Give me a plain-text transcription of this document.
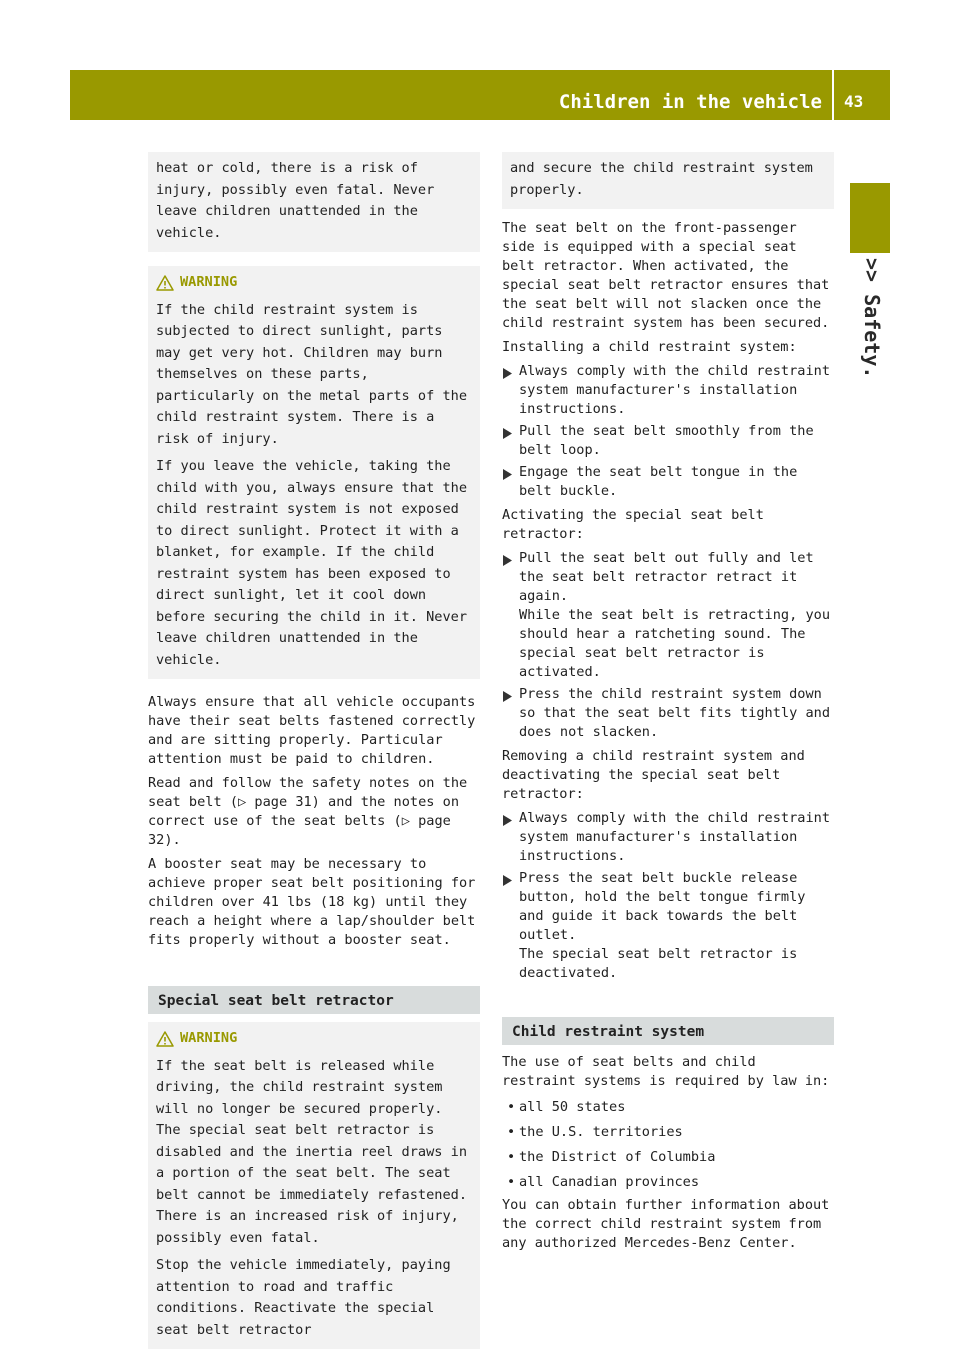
Children in the vehicle 43
>> Safety.

heat or cold, there is a risk of injury, possibly even fatal. Never leave children unattended in the vehicle.

WARNING

If the child restraint system is subjected to direct sunlight, parts may get very hot. Children may burn themselves on these parts, particularly on the metal parts of the child restraint system. There is a risk of injury.

If you leave the vehicle, taking the child with you, always ensure that the child restraint system is not exposed to direct sunlight. Protect it with a blanket, for example. If the child restraint system has been exposed to direct sunlight, let it cool down before securing the child in it. Never leave children unattended in the vehicle.

Always ensure that all vehicle occupants have their seat belts fastened correctly and are sitting properly. Particular attention must be paid to children.

Read and follow the safety notes on the seat belt (▷ page 31) and the notes on correct use of the seat belts (▷ page 32).

A booster seat may be necessary to achieve proper seat belt positioning for children over 41 lbs (18 kg) until they reach a height where a lap/shoulder belt fits properly without a booster seat.

Special seat belt retractor
WARNING

If the seat belt is released while driving, the child restraint system will no longer be secured properly. The special seat belt retractor is disabled and the inertia reel draws in a portion of the seat belt. The seat belt cannot be immediately refastened. There is an increased risk of injury, possibly even fatal.

Stop the vehicle immediately, paying attention to road and traffic conditions. Reactivate the special seat belt retractor

and secure the child restraint system properly.

The seat belt on the front-passenger side is equipped with a special seat belt retractor. When activated, the special seat belt retractor ensures that the seat belt will not slacken once the child restraint system has been secured.

Installing a child restraint system:

Always comply with the child restraint system manufacturer's installation instructions.
Pull the seat belt smoothly from the belt loop.
Engage the seat belt tongue in the belt buckle.

Activating the special seat belt retractor:

Pull the seat belt out fully and let the seat belt retractor retract it again.
While the seat belt is retracting, you should hear a ratcheting sound. The special seat belt retractor is activated.
Press the child restraint system down so that the seat belt fits tightly and does not slacken.

Removing a child restraint system and deactivating the special seat belt retractor:

Always comply with the child restraint system manufacturer's installation instructions.
Press the seat belt buckle release button, hold the belt tongue firmly and guide it back towards the belt outlet.
The special seat belt retractor is deactivated.
Child restraint system

The use of seat belts and child restraint systems is required by law in:

• all 50 states
• the U.S. territories
• the District of Columbia
• all Canadian provinces

You can obtain further information about the correct child restraint system from any authorized Mercedes-Benz Center.
